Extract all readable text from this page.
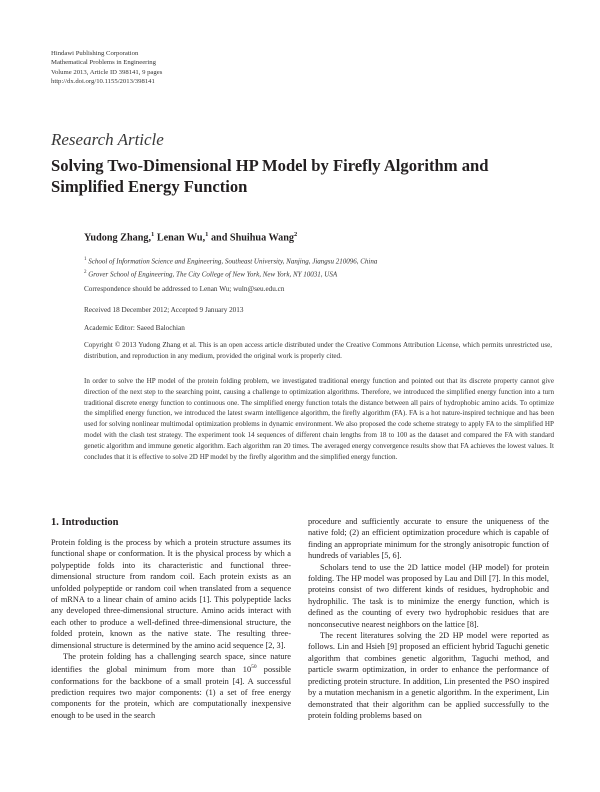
Hindawi Publishing Corporation
Mathematical Problems in Engineering
Volume 2013, Article ID 398141, 9 pages
http://dx.doi.org/10.1155/2013/398141
Research Article
Solving Two-Dimensional HP Model by Firefly Algorithm and Simplified Energy Function
Yudong Zhang,$^1$ Lenan Wu,$^1$ and Shuihua Wang$^2$
$^1$ School of Information Science and Engineering, Southeast University, Nanjing, Jiangsu 210096, China
$^2$ Grover School of Engineering, The City College of New York, New York, NY 10031, USA
Correspondence should be addressed to Lenan Wu; wuln@seu.edu.cn
Received 18 December 2012; Accepted 9 January 2013
Academic Editor: Saeed Balochian
Copyright © 2013 Yudong Zhang et al. This is an open access article distributed under the Creative Commons Attribution License, which permits unrestricted use, distribution, and reproduction in any medium, provided the original work is properly cited.
In order to solve the HP model of the protein folding problem, we investigated traditional energy function and pointed out that its discrete property cannot give direction of the next step to the searching point, causing a challenge to optimization algorithms. Therefore, we introduced the simplified energy function into a turn traditional discrete energy function to continuous one. The simplified energy function totals the distance between all pairs of hydrophobic amino acids. To optimize the simplified energy function, we introduced the latest swarm intelligence algorithm, the firefly algorithm (FA). FA is a hot nature-inspired technique and has been used for solving nonlinear multimodal optimization problems in dynamic environment. We also proposed the code scheme strategy to apply FA to the simplified HP model with the clash test strategy. The experiment took 14 sequences of different chain lengths from 18 to 100 as the dataset and compared the FA with standard genetic algorithm and immune genetic algorithm. Each algorithm ran 20 times. The averaged energy convergence results show that FA achieves the lowest values. It concludes that it is effective to solve 2D HP model by the firefly algorithm and the simplified energy function.
1. Introduction

Protein folding is the process by which a protein structure assumes its functional shape or conformation. It is the physical process by which a polypeptide folds into its characteristic and functional three-dimensional structure from random coil. Each protein exists as an unfolded polypeptide or random coil when translated from a sequence of mRNA to a linear chain of amino acids [1]. This polypeptide lacks any developed three-dimensional structure. Amino acids interact with each other to produce a well-defined three-dimensional structure, the folded protein, known as the native state. The resulting three-dimensional structure is determined by the amino acid sequence [2, 3].

The protein folding has a challenging search space, since nature identifies the global minimum from more than $10^{50}$ possible conformations for the backbone of a small protein [4]. A successful prediction requires two major components: (1) a set of free energy components for the protein, which are computationally inexpensive enough to be used in the search

procedure and sufficiently accurate to ensure the uniqueness of the native fold; (2) an efficient optimization procedure which is capable of finding an appropriate minimum for the strongly anisotropic function of hundreds of variables [5, 6].

Scholars tend to use the 2D lattice model (HP model) for protein folding. The HP model was proposed by Lau and Dill [7]. In this model, proteins consist of two different kinds of residues, hydrophobic and hydrophilic. The task is to minimize the energy function, which is defined as the counting of every two hydrophobic residues that are nonconsecutive nearest neighbors on the lattice [8].

The recent literatures solving the 2D HP model were reported as follows. Lin and Hsieh [9] proposed an efficient hybrid Taguchi genetic algorithm that combines genetic algorithm, Taguchi method, and particle swarm optimization, in order to enhance the performance of predicting protein structure. In addition, Lin presented the PSO inspired by a mutation mechanism in a genetic algorithm. In the experiment, Lin demonstrated that their algorithm can be applied successfully to the protein folding problems based on
